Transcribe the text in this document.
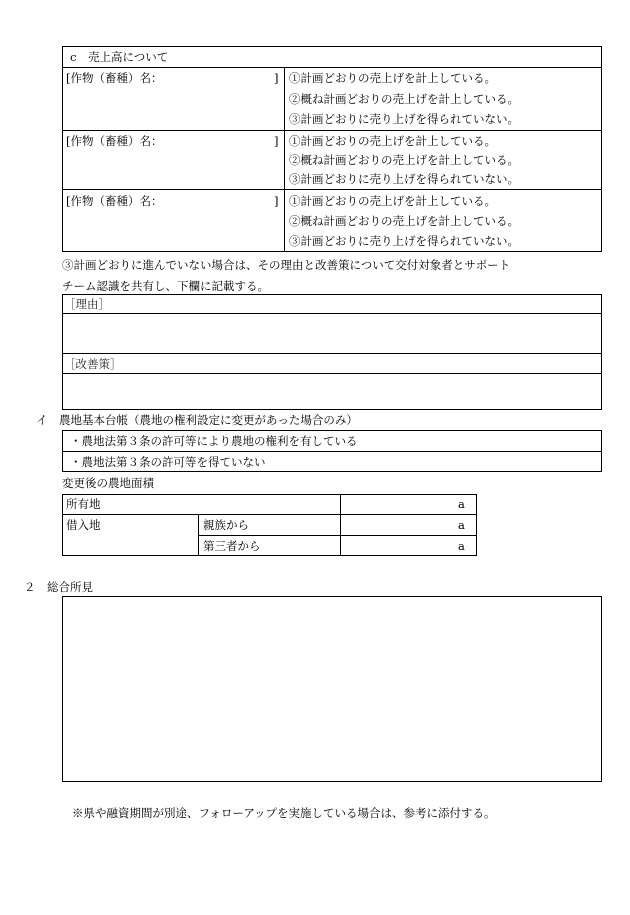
c　売上高について
[作物（畜種）名：	] ①計画どおりの売上げを計上している。
②概ね計画どおりの売上げを計上している。
③計画どおりに売り上げを得られていない。
[作物（畜種）名：	] ①計画どおりの売上げを計上している。
②概ね計画どおりの売上げを計上している。
③計画どおりに売り上げを得られていない。
[作物（畜種）名：	] ①計画どおりの売上げを計上している。
②概ね計画どおりの売上げを計上している。
③計画どおりに売り上げを得られていない。
③計画どおりに進んでいない場合は、その理由と改善策について交付対象者とサポート
チーム認識を共有し、下欄に記載する。
［理由］
［改善策］
イ　農地基本台帳（農地の権利設定に変更があった場合のみ）
・農地法第３条の許可等により農地の権利を有している
・農地法第３条の許可等を得ていない
変更後の農地面積
所有地	a
借入地	親族から	a
第三者から	a
２　総合所見
※県や融資期間が別途、フォローアップを実施している場合は、参考に添付する。
